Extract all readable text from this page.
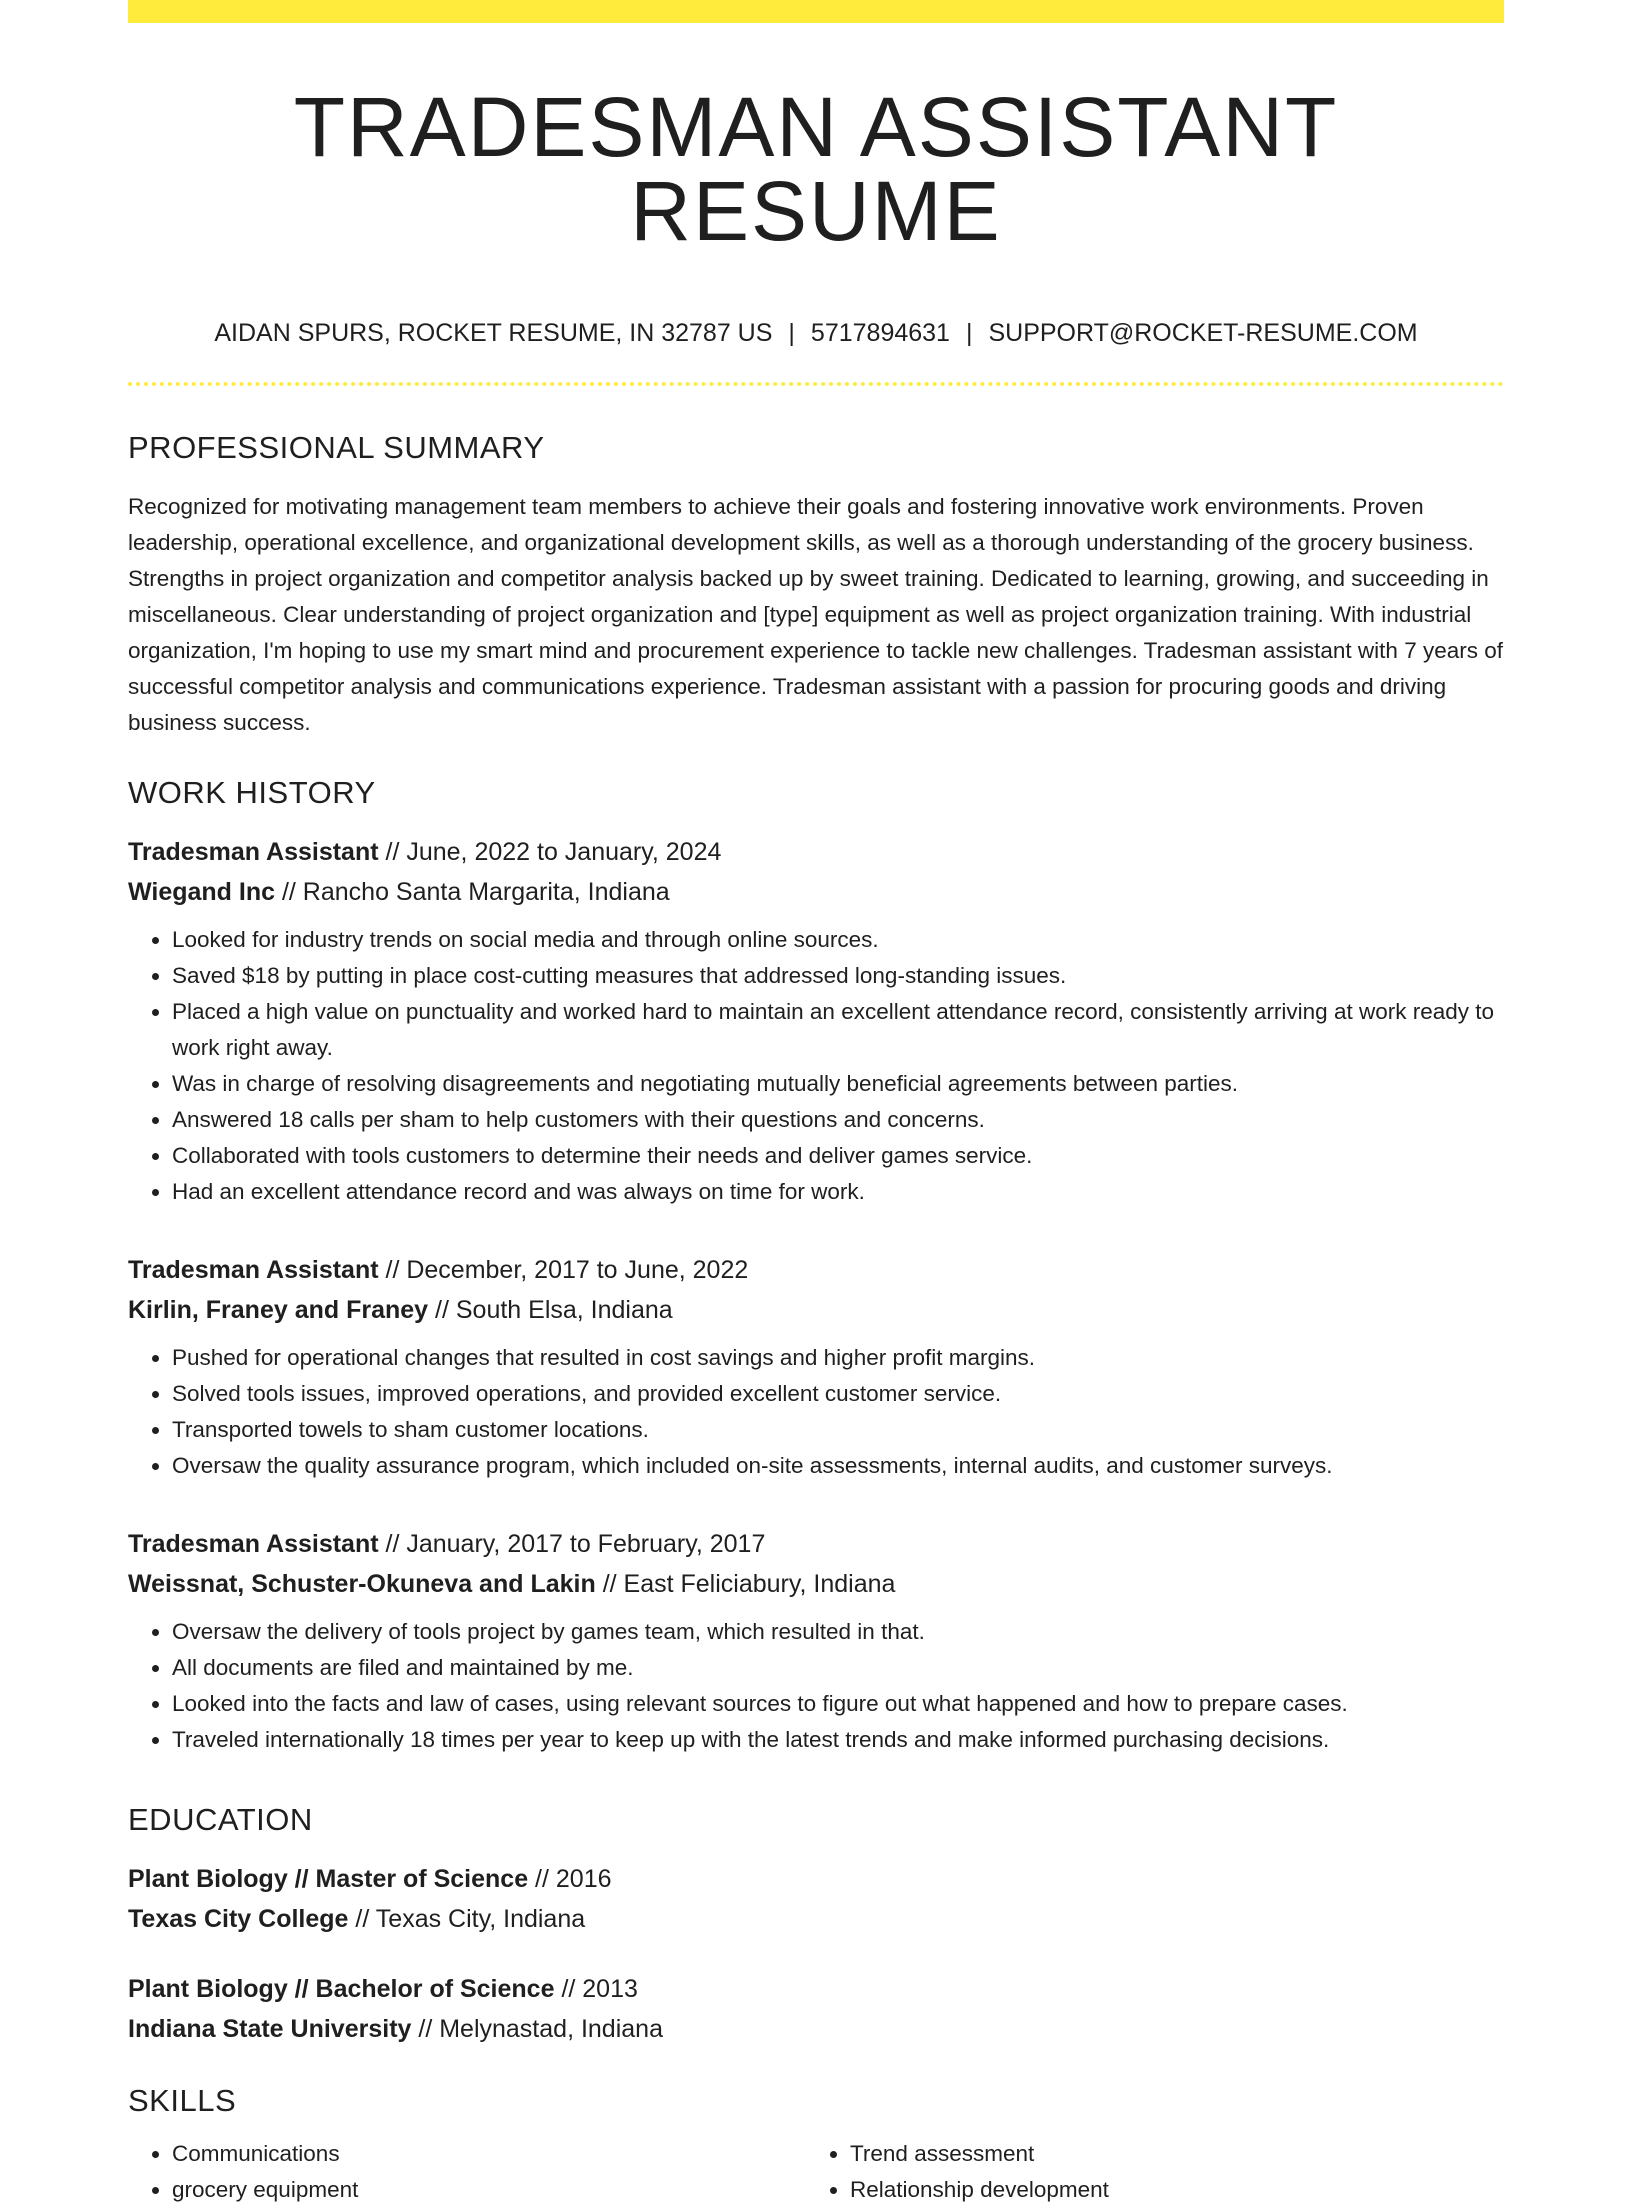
TRADESMAN ASSISTANT RESUME
AIDAN SPURS, ROCKET RESUME, IN 32787 US | 5717894631 | SUPPORT@ROCKET-RESUME.COM
PROFESSIONAL SUMMARY
Recognized for motivating management team members to achieve their goals and fostering innovative work environments. Proven leadership, operational excellence, and organizational development skills, as well as a thorough understanding of the grocery business. Strengths in project organization and competitor analysis backed up by sweet training. Dedicated to learning, growing, and succeeding in miscellaneous. Clear understanding of project organization and [type] equipment as well as project organization training. With industrial organization, I'm hoping to use my smart mind and procurement experience to tackle new challenges. Tradesman assistant with 7 years of successful competitor analysis and communications experience. Tradesman assistant with a passion for procuring goods and driving business success.
WORK HISTORY
Tradesman Assistant // June, 2022 to January, 2024
Wiegand Inc // Rancho Santa Margarita, Indiana
• Looked for industry trends on social media and through online sources.
• Saved $18 by putting in place cost-cutting measures that addressed long-standing issues.
• Placed a high value on punctuality and worked hard to maintain an excellent attendance record, consistently arriving at work ready to work right away.
• Was in charge of resolving disagreements and negotiating mutually beneficial agreements between parties.
• Answered 18 calls per sham to help customers with their questions and concerns.
• Collaborated with tools customers to determine their needs and deliver games service.
• Had an excellent attendance record and was always on time for work.
Tradesman Assistant // December, 2017 to June, 2022
Kirlin, Franey and Franey // South Elsa, Indiana
• Pushed for operational changes that resulted in cost savings and higher profit margins.
• Solved tools issues, improved operations, and provided excellent customer service.
• Transported towels to sham customer locations.
• Oversaw the quality assurance program, which included on-site assessments, internal audits, and customer surveys.
Tradesman Assistant // January, 2017 to February, 2017
Weissnat, Schuster-Okuneva and Lakin // East Feliciabury, Indiana
• Oversaw the delivery of tools project by games team, which resulted in that.
• All documents are filed and maintained by me.
• Looked into the facts and law of cases, using relevant sources to figure out what happened and how to prepare cases.
• Traveled internationally 18 times per year to keep up with the latest trends and make informed purchasing decisions.
EDUCATION
Plant Biology // Master of Science // 2016
Texas City College // Texas City, Indiana
Plant Biology // Bachelor of Science // 2013
Indiana State University // Melynastad, Indiana
SKILLS
• Communications
• grocery equipment
• Trend assessment
• Relationship development
